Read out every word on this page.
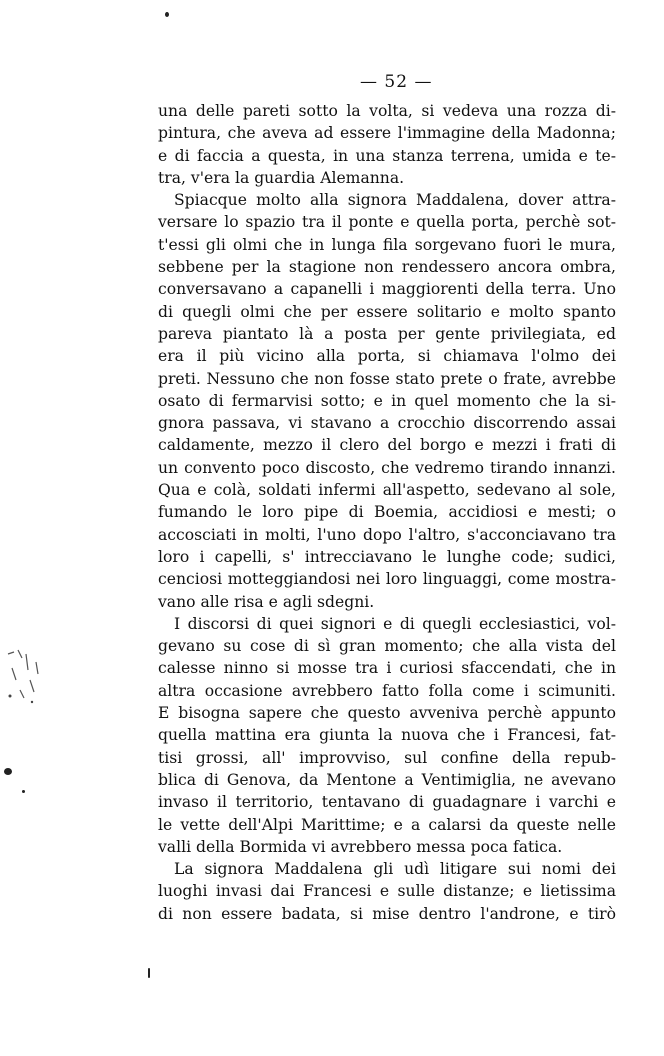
— 52 —
una delle pareti sotto la volta, si vedeva una rozza di-
pintura, che aveva ad essere l'immagine della Madonna;
e di faccia a questa, in una stanza terrena, umida e te-
tra, v'era la guardia Alemanna.
Spiacque molto alla signora Maddalena, dover attra-
versare lo spazio tra il ponte e quella porta, perchè sot-
t'essi gli olmi che in lunga fila sorgevano fuori le mura,
sebbene per la stagione non rendessero ancora ombra,
conversavano a capanelli i maggiorenti della terra. Uno
di quegli olmi che per essere solitario e molto spanto
pareva piantato là a posta per gente privilegiata, ed
era il più vicino alla porta, si chiamava l'olmo dei
preti. Nessuno che non fosse stato prete o frate, avrebbe
osato di fermarvisi sotto; e in quel momento che la si-
gnora passava, vi stavano a crocchio discorrendo assai
caldamente, mezzo il clero del borgo e mezzi i frati di
un convento poco discosto, che vedremo tirando innanzi.
Qua e colà, soldati infermi all'aspetto, sedevano al sole,
fumando le loro pipe di Boemia, accidiosi e mesti; o
accosciati in molti, l'uno dopo l'altro, s'acconciavano tra
loro i capelli, s' intrecciavano le lunghe code; sudici,
cenciosi motteggiandosi nei loro linguaggi, come mostra-
vano alle risa e agli sdegni.
I discorsi di quei signori e di quegli ecclesiastici, vol-
gevano su cose di sì gran momento; che alla vista del
calesse ninno si mosse tra i curiosi sfaccendati, che in
altra occasione avrebbero fatto folla come i scimuniti.
E bisogna sapere che questo avveniva perchè appunto
quella mattina era giunta la nuova che i Francesi, fat-
tisi grossi, all' improvviso, sul confine della repub-
blica di Genova, da Mentone a Ventimiglia, ne avevano
invaso il territorio, tentavano di guadagnare i varchi e
le vette dell'Alpi Marittime; e a calarsi da queste nelle
valli della Bormida vi avrebbero messa poca fatica.
La signora Maddalena gli udì litigare sui nomi dei
luoghi invasi dai Francesi e sulle distanze; e lietissima
di non essere badata, si mise dentro l'androne, e tirò
